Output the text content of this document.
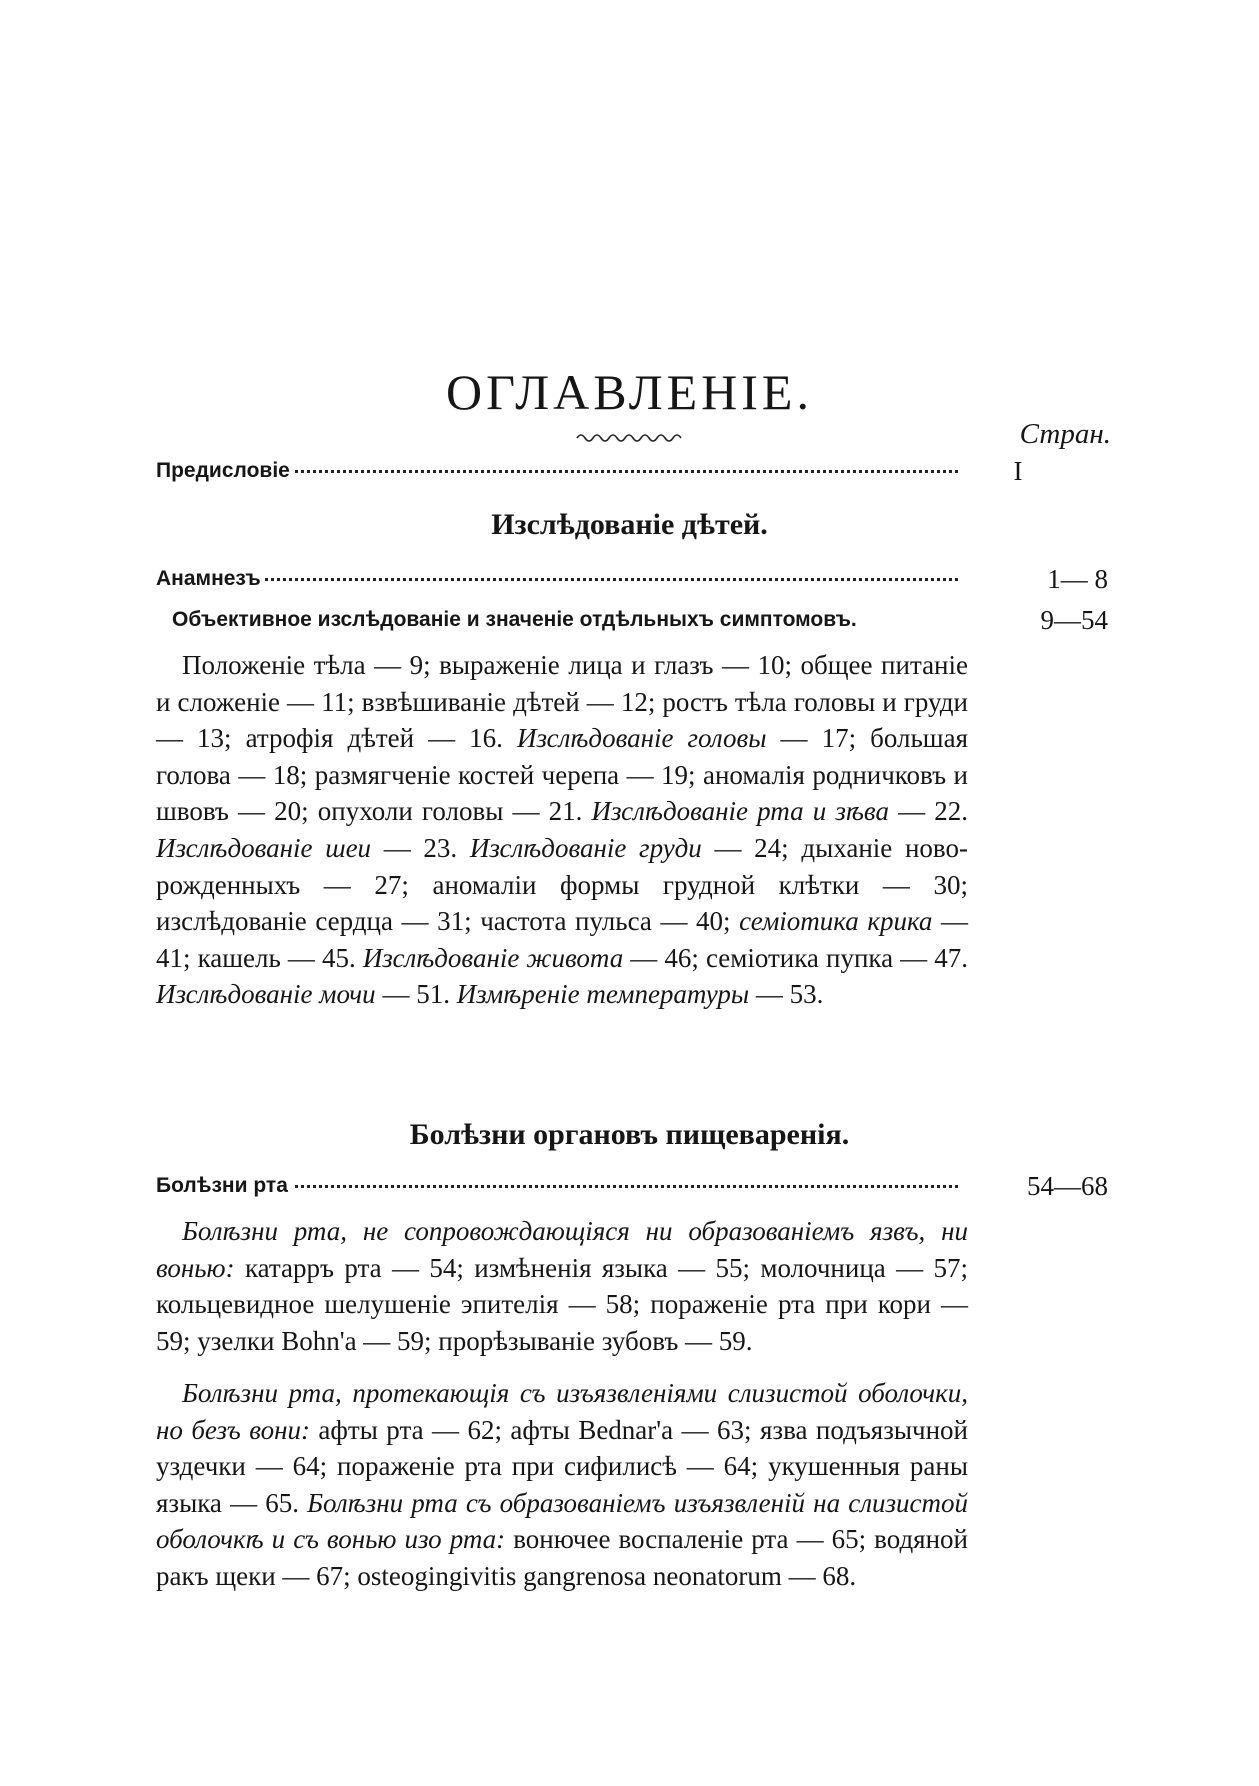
ОГЛАВЛЕНІЕ.
Стран.
Предисловіе	I
Изслѣдованіе дѣтей.
Анамнезъ	1— 8
Объективное изслѣдованіе и значеніе отдѣльныхъ симптомовъ.	9—54
Положеніе тѣла — 9; выраженіе лица и глазъ — 10; общее питаніе и сложеніе — 11; взвѣшиваніе дѣтей — 12; ростъ тѣла головы и груди — 13; атрофія дѣтей — 16. Изслѣдованіе головы — 17; большая голова — 18; размягченіе костей черепа — 19; аномалія родничковъ и швовъ — 20; опухоли головы — 21. Изслѣдованіе рта и зѣва — 22. Изслѣдованіе шеи — 23. Изслѣдованіе груди — 24; дыханіе новорожденныхъ — 27; аномаліи формы грудной клѣтки — 30; изслѣдованіе сердца — 31; частота пульса — 40; семіотика крика — 41; кашель — 45. Изслѣдованіе живота — 46; семіотика пупка — 47. Изслѣдованіе мочи — 51. Измѣреніе температуры — 53.
Болѣзни органовъ пищеваренія.
Болѣзни рта	54—68
Болѣзни рта, не сопровождающіяся ни образованіемъ язвъ, ни вонью: катарръ рта — 54; измѣненія языка — 55; молочница — 57; кольцевидное шелушеніе эпителія — 58; пораженіе рта при кори — 59; узелки Bohn'a — 59; прорѣзываніе зубовъ — 59.
Болѣзни рта, протекающія съ изъязвленіями слизистой оболочки, но безъ вони: афты рта — 62; афты Bednar'a — 63; язва подъязычной уздечки — 64; пораженіе рта при сифилисѣ — 64; укушенныя раны языка — 65. Болѣзни рта съ образованіемъ изъязвленій на слизистой оболочкѣ и съ вонью изо рта: вонючее воспаленіе рта — 65; водяной ракъ щеки — 67; osteogingivitis gangrenosa neonatorum — 68.
